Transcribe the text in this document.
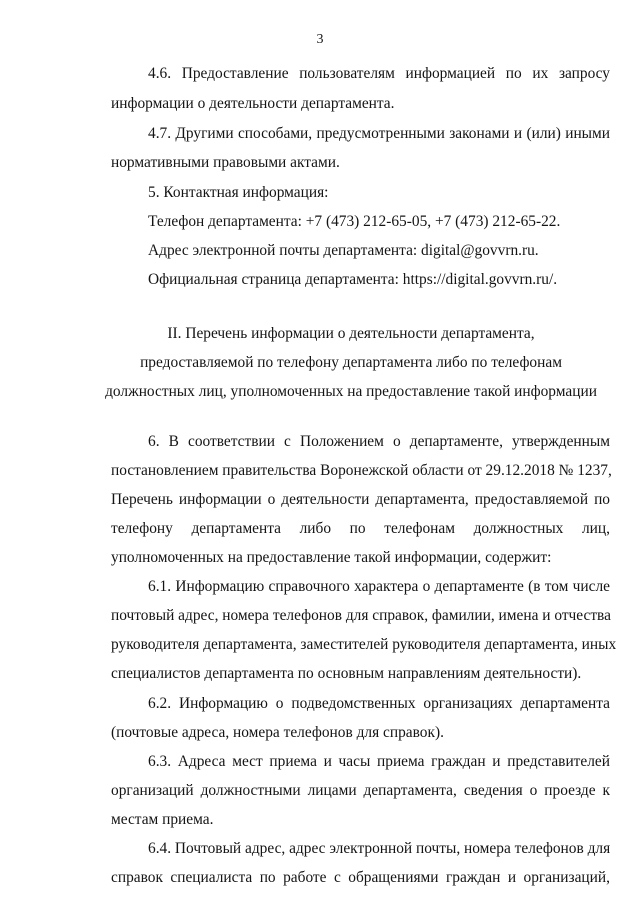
3
4.6. Предоставление пользователям информацией по их запросу
информации о деятельности департамента.
4.7. Другими способами, предусмотренными законами и (или) иными
нормативными правовыми актами.
5. Контактная информация:
Телефон департамента: +7 (473) 212-65-05, +7 (473) 212-65-22.
Адрес электронной почты департамента: digital@govvrn.ru.
Официальная страница департамента: https://digital.govvrn.ru/.
II. Перечень информации о деятельности департамента,
предоставляемой по телефону департамента либо по телефонам
должностных лиц, уполномоченных на предоставление такой информации
6. В соответствии с Положением о департаменте, утвержденным
постановлением правительства Воронежской области от 29.12.2018 № 1237,
Перечень информации о деятельности департамента, предоставляемой по
телефону департамента либо по телефонам должностных лиц,
уполномоченных на предоставление такой информации, содержит:
6.1. Информацию справочного характера о департаменте (в том числе
почтовый адрес, номера телефонов для справок, фамилии, имена и отчества
руководителя департамента, заместителей руководителя департамента, иных
специалистов департамента по основным направлениям деятельности).
6.2. Информацию о подведомственных организациях департамента
(почтовые адреса, номера телефонов для справок).
6.3. Адреса мест приема и часы приема граждан и представителей
организаций должностными лицами департамента, сведения о проезде к
местам приема.
6.4. Почтовый адрес, адрес электронной почты, номера телефонов для
справок специалиста по работе с обращениями граждан и организаций,
